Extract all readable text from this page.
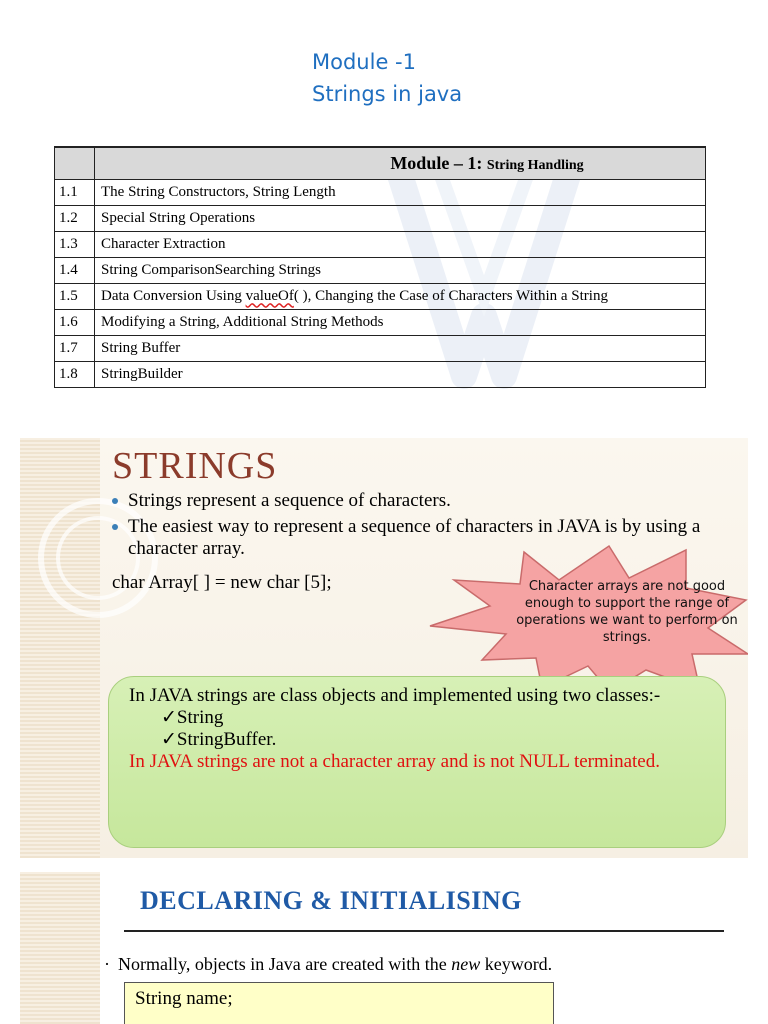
Module -1
Strings in java
	Module – 1: String Handling
1.1	The String Constructors, String Length
1.2	Special String Operations
1.3	Character Extraction
1.4	String ComparisonSearching Strings
1.5	Data Conversion Using valueOf( ), Changing the Case of Characters Within a String
1.6	Modifying a String, Additional String Methods
1.7	String Buffer
1.8	StringBuilder
STRINGS
Strings represent a sequence of characters.
The easiest way to represent a sequence of characters in JAVA is by using a character array.
char Array[ ] = new char [5];	Character arrays are not good enough to support the range of operations we want to perform on strings.
In JAVA strings are class objects and implemented using two classes:-
✓String
✓StringBuffer.
In JAVA strings are not a character array and is not NULL terminated.
DECLARING & INITIALISING
· Normally, objects in Java are created with the new keyword.
String name;
